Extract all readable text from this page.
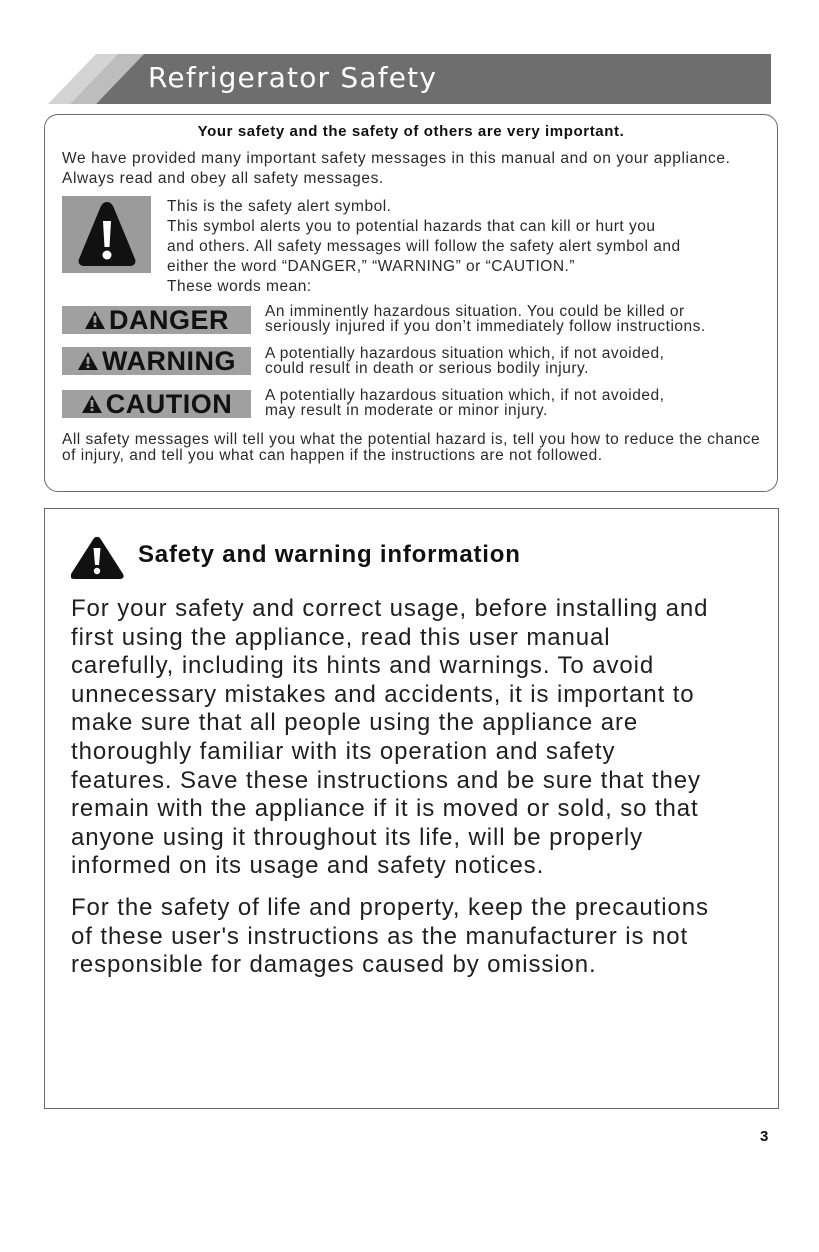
Refrigerator Safety
Your safety and the safety of others are very important.
We have provided many important safety messages in this manual and on your appliance. Always read and obey all safety messages.
This is the safety alert symbol.
This symbol alerts you to potential hazards that can kill or hurt you
and others. All safety messages will follow the safety alert symbol and
either the word “DANGER,” “WARNING” or “CAUTION.”
These words mean:
DANGER An imminently hazardous situation. You could be killed or
seriously injured if you don’t immediately follow instructions.
WARNING A potentially hazardous situation which, if not avoided,
could result in death or serious bodily injury.
CAUTION A potentially hazardous situation which, if not avoided,
may result in moderate or minor injury.
All safety messages will tell you what the potential hazard is, tell you how to reduce the chance of injury, and tell you what can happen if the instructions are not followed.
Safety and warning information
For your safety and correct usage, before installing and
first using the appliance, read this user manual
carefully, including its hints and warnings. To avoid
unnecessary mistakes and accidents, it is important to
make sure that all people using the appliance are
thoroughly familiar with its operation and safety
features. Save these instructions and be sure that they
remain with the appliance if it is moved or sold, so that
anyone using it throughout its life, will be properly
informed on its usage and safety notices.
For the safety of life and property, keep the precautions
of these user's instructions as the manufacturer is not
responsible for damages caused by omission.
3
